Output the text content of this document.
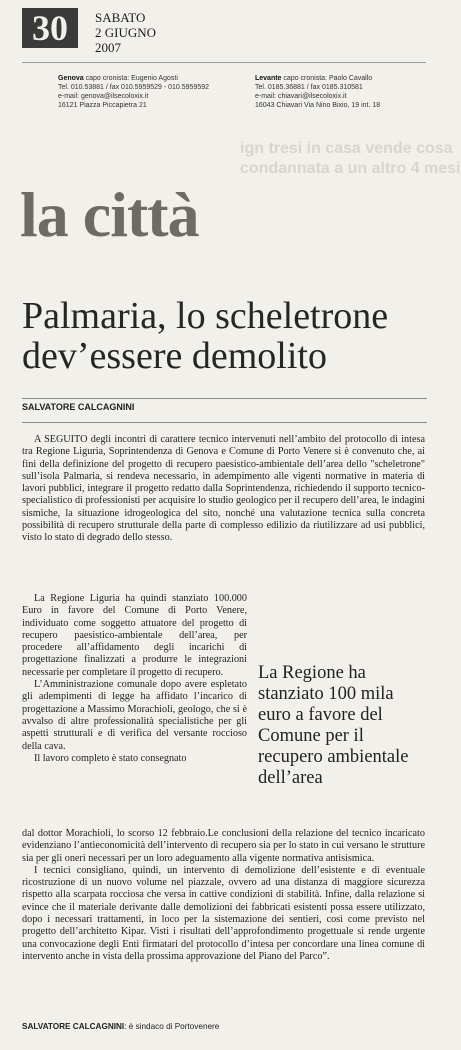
30	SABATO
2 GIUGNO
2007
Genova capo cronista: Eugenio Agosti
Tel. 010.53881 / fax 010.5959529 - 010.5959592
e-mail: genova@ilsecoloxix.it
16121 Piazza Piccapietra 21
Levante capo cronista: Paolo Cavallo
Tel. 0185.36881 / fax 0185.310581
e-mail: chiavari@ilsecoloxix.it
16043 Chiavari Via Nino Bixio, 19 int. 18
ign tresi in casa vende cosa
condannata a un altro 4 mesi
la città
Palmaria, lo scheletrone
dev’essere demolito
SALVATORE CALCAGNINI

A SEGUITO degli incontri di carattere tecnico intervenuti nell’ambito del protocollo di intesa tra Regione Liguria, Soprintendenza di Genova e Comune di Porto Venere si è convenuto che, ai fini della definizione del progetto di recupero paesistico-ambientale dell’area dello "scheletrone" sull’isola Palmaria, si rendeva necessario, in adempimento alle vigenti normative in materia di lavori pubblici, integrare il progetto redatto dalla Soprintendenza, richiedendo il supporto tecnico-specialistico di professionisti per acquisire lo studio geologico per il recupero dell’area, le indagini sismiche, la situazione idrogeologica del sito, nonché una valutazione tecnica sulla concreta possibilità di recupero strutturale della parte di complesso edilizio da riutilizzare ad usi pubblici, visto lo stato di degrado dello stesso.

La Regione Liguria ha quindi stanziato 100.000 Euro in favore del Comune di Porto Venere, individuato come soggetto attuatore del progetto di recupero paesistico-ambientale dell’area, per procedere all’affidamento degli incarichi di progettazione finalizzati a produrre le integrazioni necessarie per completare il progetto di recupero.

L’Amministrazione comunale dopo avere espletato gli adempimenti di legge ha affidato l’incarico di progettazione a Massimo Morachioli, geologo, che si è avvalso di altre professionalità specialistiche per gli aspetti strutturali e di verifica del versante roccioso della cava.

Il lavoro completo è stato consegnato

La Regione ha stanziato 100 mila euro a favore del Comune per il recupero ambientale dell’area

dal dottor Morachioli, lo scorso 12 febbraio.Le conclusioni della relazione del tecnico incaricato evidenziano l’antieconomicità dell’intervento di recupero sia per lo stato in cui versano le strutture sia per gli oneri necessari per un loro adeguamento alla vigente normativa antisismica.

I tecnici consigliano, quindi, un intervento di demolizione dell’esistente e di eventuale ricostruzione di un nuovo volume nel piazzale, ovvero ad una distanza di maggiore sicurezza rispetto alla scarpata rocciosa che versa in cattive condizioni di stabilità. Infine, dalla relazione si evince che il materiale derivante dalle demolizioni dei fabbricati esistenti possa essere utilizzato, dopo i necessari trattamenti, in loco per la sistemazione dei sentieri, così come previsto nel progetto dell’architetto Kipar. Visti i risultati dell’approfondimento progettuale si rende urgente una convocazione degli Enti firmatari del protocollo d’intesa per concordare una linea comune di intervento anche in vista della prossima approvazione del Piano del Parco”.

SALVATORE CALCAGNINI: è sindaco di Portovenere
